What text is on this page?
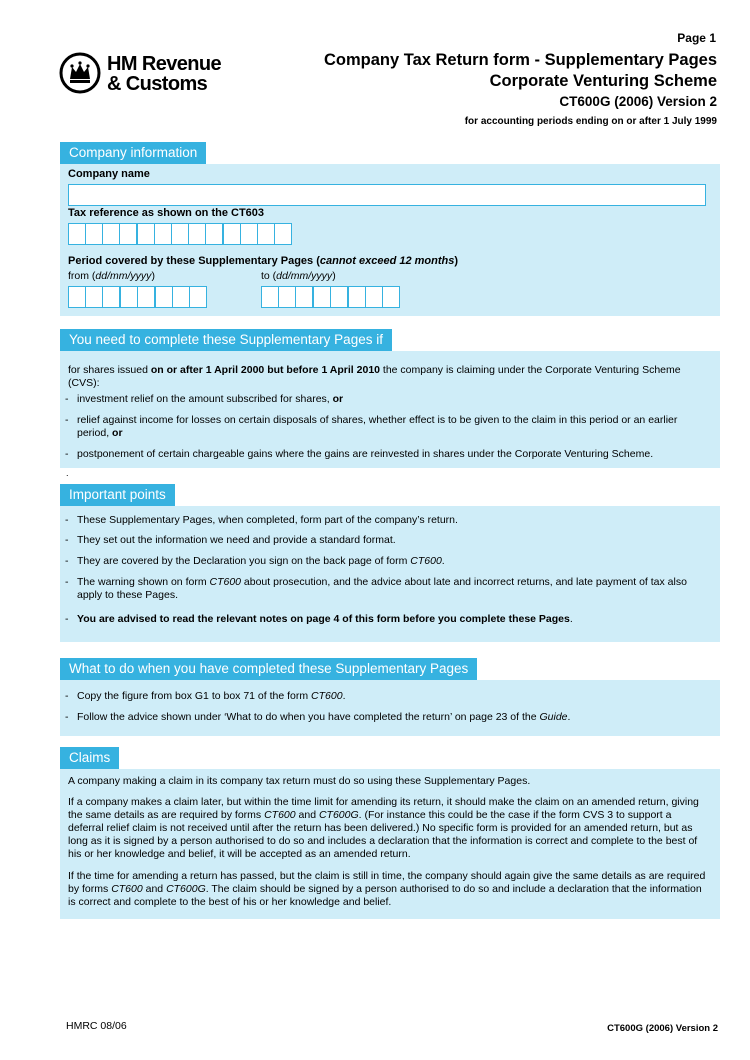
Page 1
HM Revenue
& Customs
Company Tax Return form - Supplementary Pages
Corporate Venturing Scheme
CT600G (2006) Version 2
for accounting periods ending on or after 1 July 1999
Company information
Company name
Tax reference as shown on the CT603
Period covered by these Supplementary Pages (cannot exceed 12 months)
from (dd/mm/yyyy)	to (dd/mm/yyyy)
You need to complete these Supplementary Pages if
for shares issued on or after 1 April 2000 but before 1 April 2010 the company is claiming under the Corporate Venturing Scheme (CVS):
- investment relief on the amount subscribed for shares, or
- relief against income for losses on certain disposals of shares, whether effect is to be given to the claim in this period or an earlier period, or
- postponement of certain chargeable gains where the gains are reinvested in shares under the Corporate Venturing Scheme.
.
Important points
- These Supplementary Pages, when completed, form part of the company’s return.
- They set out the information we need and provide a standard format.
- They are covered by the Declaration you sign on the back page of form CT600.
- The warning shown on form CT600 about prosecution, and the advice about late and incorrect returns, and late payment of tax also apply to these Pages.
- You are advised to read the relevant notes on page 4 of this form before you complete these Pages.
What to do when you have completed these Supplementary Pages
- Copy the figure from box G1 to box 71 of the form CT600.
- Follow the advice shown under ‘What to do when you have completed the return’ on page 23 of the Guide.
Claims
A company making a claim in its company tax return must do so using these Supplementary Pages.
If a company makes a claim later, but within the time limit for amending its return, it should make the claim on an amended return, giving the same details as are required by forms CT600 and CT600G. (For instance this could be the case if the form CVS 3 to support a deferral relief claim is not received until after the return has been delivered.) No specific form is provided for an amended return, but as long as it is signed by a person authorised to do so and includes a declaration that the information is correct and complete to the best of his or her knowledge and belief, it will be accepted as an amended return.
If the time for amending a return has passed, but the claim is still in time, the company should again give the same details as are required by forms CT600 and CT600G. The claim should be signed by a person authorised to do so and include a declaration that the information is correct and complete to the best of his or her knowledge and belief.
HMRC 08/06	CT600G (2006) Version 2
